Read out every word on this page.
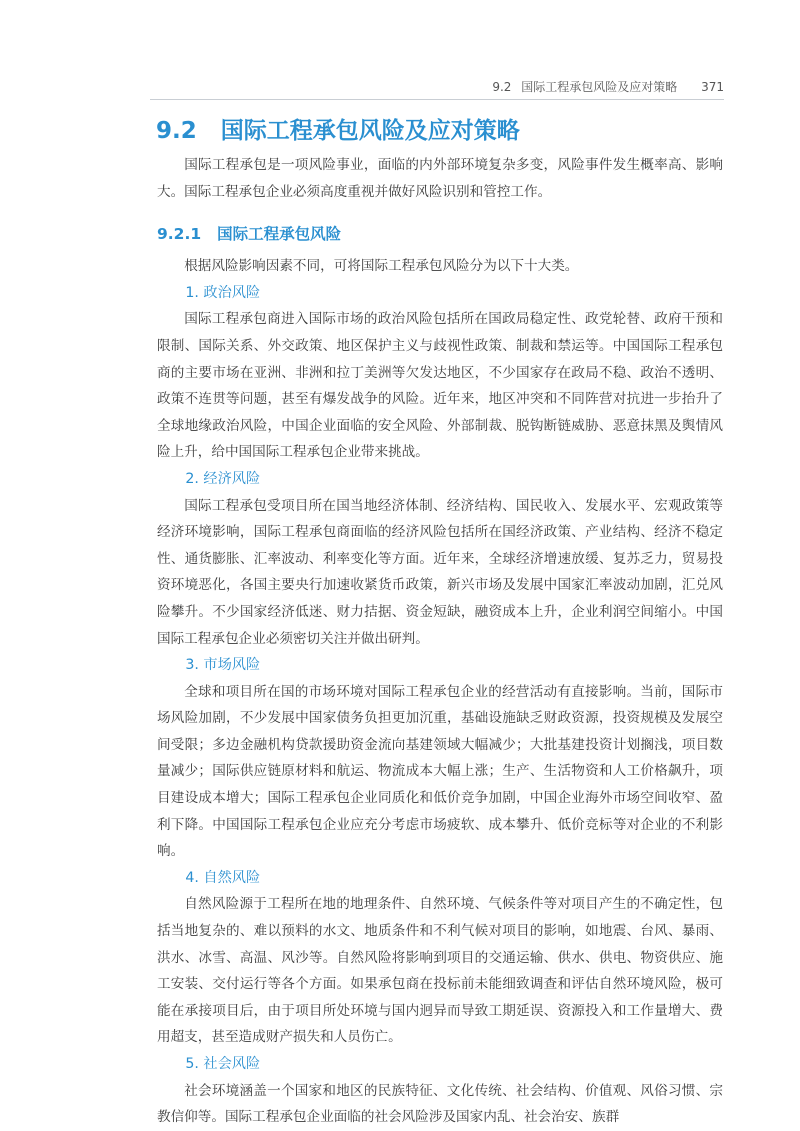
9.2 国际工程承包风险及应对策略 371
9.2 国际工程承包风险及应对策略

国际工程承包是一项风险事业，面临的内外部环境复杂多变，风险事件发生概率高、影响大。国际工程承包企业必须高度重视并做好风险识别和管控工作。

9.2.1 国际工程承包风险

根据风险影响因素不同，可将国际工程承包风险分为以下十大类。

1. 政治风险

国际工程承包商进入国际市场的政治风险包括所在国政局稳定性、政党轮替、政府干预和限制、国际关系、外交政策、地区保护主义与歧视性政策、制裁和禁运等。中国国际工程承包商的主要市场在亚洲、非洲和拉丁美洲等欠发达地区，不少国家存在政局不稳、政治不透明、政策不连贯等问题，甚至有爆发战争的风险。近年来，地区冲突和不同阵营对抗进一步抬升了全球地缘政治风险，中国企业面临的安全风险、外部制裁、脱钩断链威胁、恶意抹黑及舆情风险上升，给中国国际工程承包企业带来挑战。

2. 经济风险

国际工程承包受项目所在国当地经济体制、经济结构、国民收入、发展水平、宏观政策等经济环境影响，国际工程承包商面临的经济风险包括所在国经济政策、产业结构、经济不稳定性、通货膨胀、汇率波动、利率变化等方面。近年来，全球经济增速放缓、复苏乏力，贸易投资环境恶化，各国主要央行加速收紧货币政策，新兴市场及发展中国家汇率波动加剧，汇兑风险攀升。不少国家经济低迷、财力拮据、资金短缺，融资成本上升，企业利润空间缩小。中国国际工程承包企业必须密切关注并做出研判。

3. 市场风险

全球和项目所在国的市场环境对国际工程承包企业的经营活动有直接影响。当前，国际市场风险加剧，不少发展中国家债务负担更加沉重，基础设施缺乏财政资源，投资规模及发展空间受限；多边金融机构贷款援助资金流向基建领域大幅减少；大批基建投资计划搁浅，项目数量减少；国际供应链原材料和航运、物流成本大幅上涨；生产、生活物资和人工价格飙升，项目建设成本增大；国际工程承包企业同质化和低价竞争加剧，中国企业海外市场空间收窄、盈利下降。中国国际工程承包企业应充分考虑市场疲软、成本攀升、低价竞标等对企业的不利影响。

4. 自然风险

自然风险源于工程所在地的地理条件、自然环境、气候条件等对项目产生的不确定性，包括当地复杂的、难以预料的水文、地质条件和不利气候对项目的影响，如地震、台风、暴雨、洪水、冰雪、高温、风沙等。自然风险将影响到项目的交通运输、供水、供电、物资供应、施工安装、交付运行等各个方面。如果承包商在投标前未能细致调查和评估自然环境风险，极可能在承接项目后，由于项目所处环境与国内迥异而导致工期延误、资源投入和工作量增大、费用超支，甚至造成财产损失和人员伤亡。

5. 社会风险

社会环境涵盖一个国家和地区的民族特征、文化传统、社会结构、价值观、风俗习惯、宗教信仰等。国际工程承包企业面临的社会风险涉及国家内乱、社会治安、族群
